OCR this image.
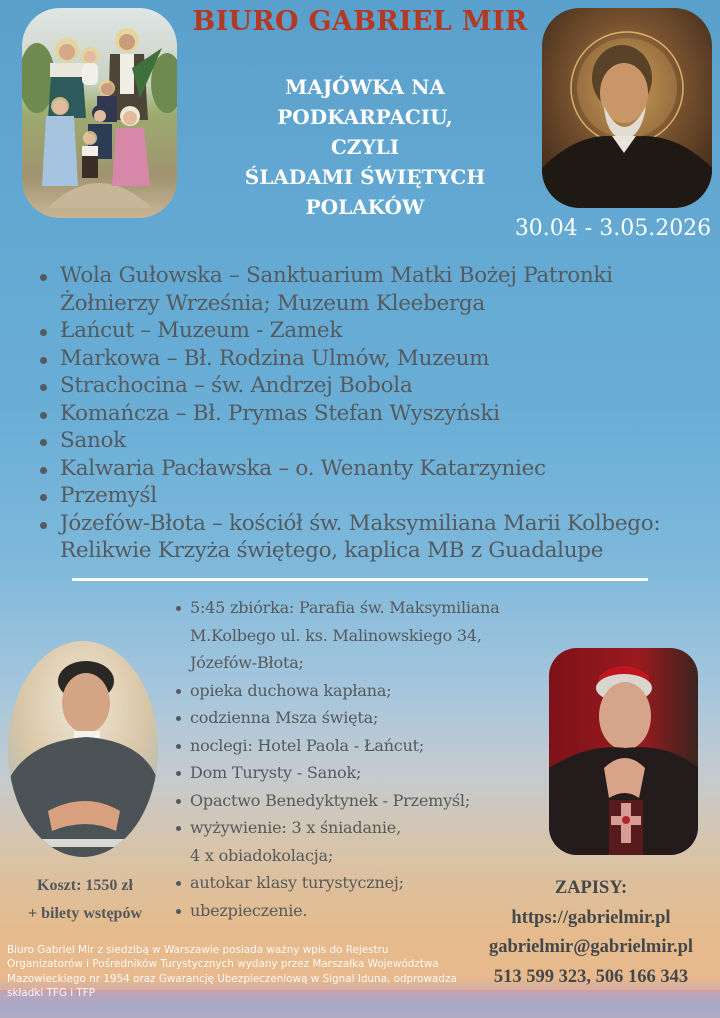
BIURO GABRIEL MIR
MAJÓWKA NA
PODKARPACIU,
CZYLI
ŚLADAMI ŚWIĘTYCH
POLAKÓW
30.04 - 3.05.2026
Wola Gułowska – Sanktuarium Matki Bożej Patronki
Żołnierzy Września; Muzeum Kleeberga
Łańcut – Muzeum - Zamek
Markowa – Bł. Rodzina Ulmów, Muzeum
Strachocina – św. Andrzej Bobola
Komańcza – Bł. Prymas Stefan Wyszyński
Sanok
Kalwaria Pacławska – o. Wenanty Katarzyniec
Przemyśl
Józefów-Błota – kościół św. Maksymiliana Marii Kolbego:
Relikwie Krzyża świętego, kaplica MB z Guadalupe
5:45 zbiórka: Parafia św. Maksymiliana
M.Kolbego ul. ks. Malinowskiego 34,
Józefów-Błota;
opieka duchowa kapłana;
codzienna Msza święta;
noclegi: Hotel Paola - Łańcut;
Dom Turysty - Sanok;
Opactwo Benedyktynek - Przemyśl;
wyżywienie: 3 x śniadanie,
4 x obiadokolacja;
autokar klasy turystycznej;
ubezpieczenie.
Koszt: 1550 zł
+ bilety wstępów
ZAPISY:
https://gabrielmir.pl
gabrielmir@gabrielmir.pl
513 599 323, 506 166 343
Biuro Gabriel Mir z siedzibą w Warszawie posiada ważny wpis do Rejestru Organizatorów i Pośredników Turystycznych wydany przez Marszałka Województwa Mazowieckiego nr 1954 oraz Gwarancję Ubezpieczeniową w Signal Iduna, odprowadza składki TFG i TFP
